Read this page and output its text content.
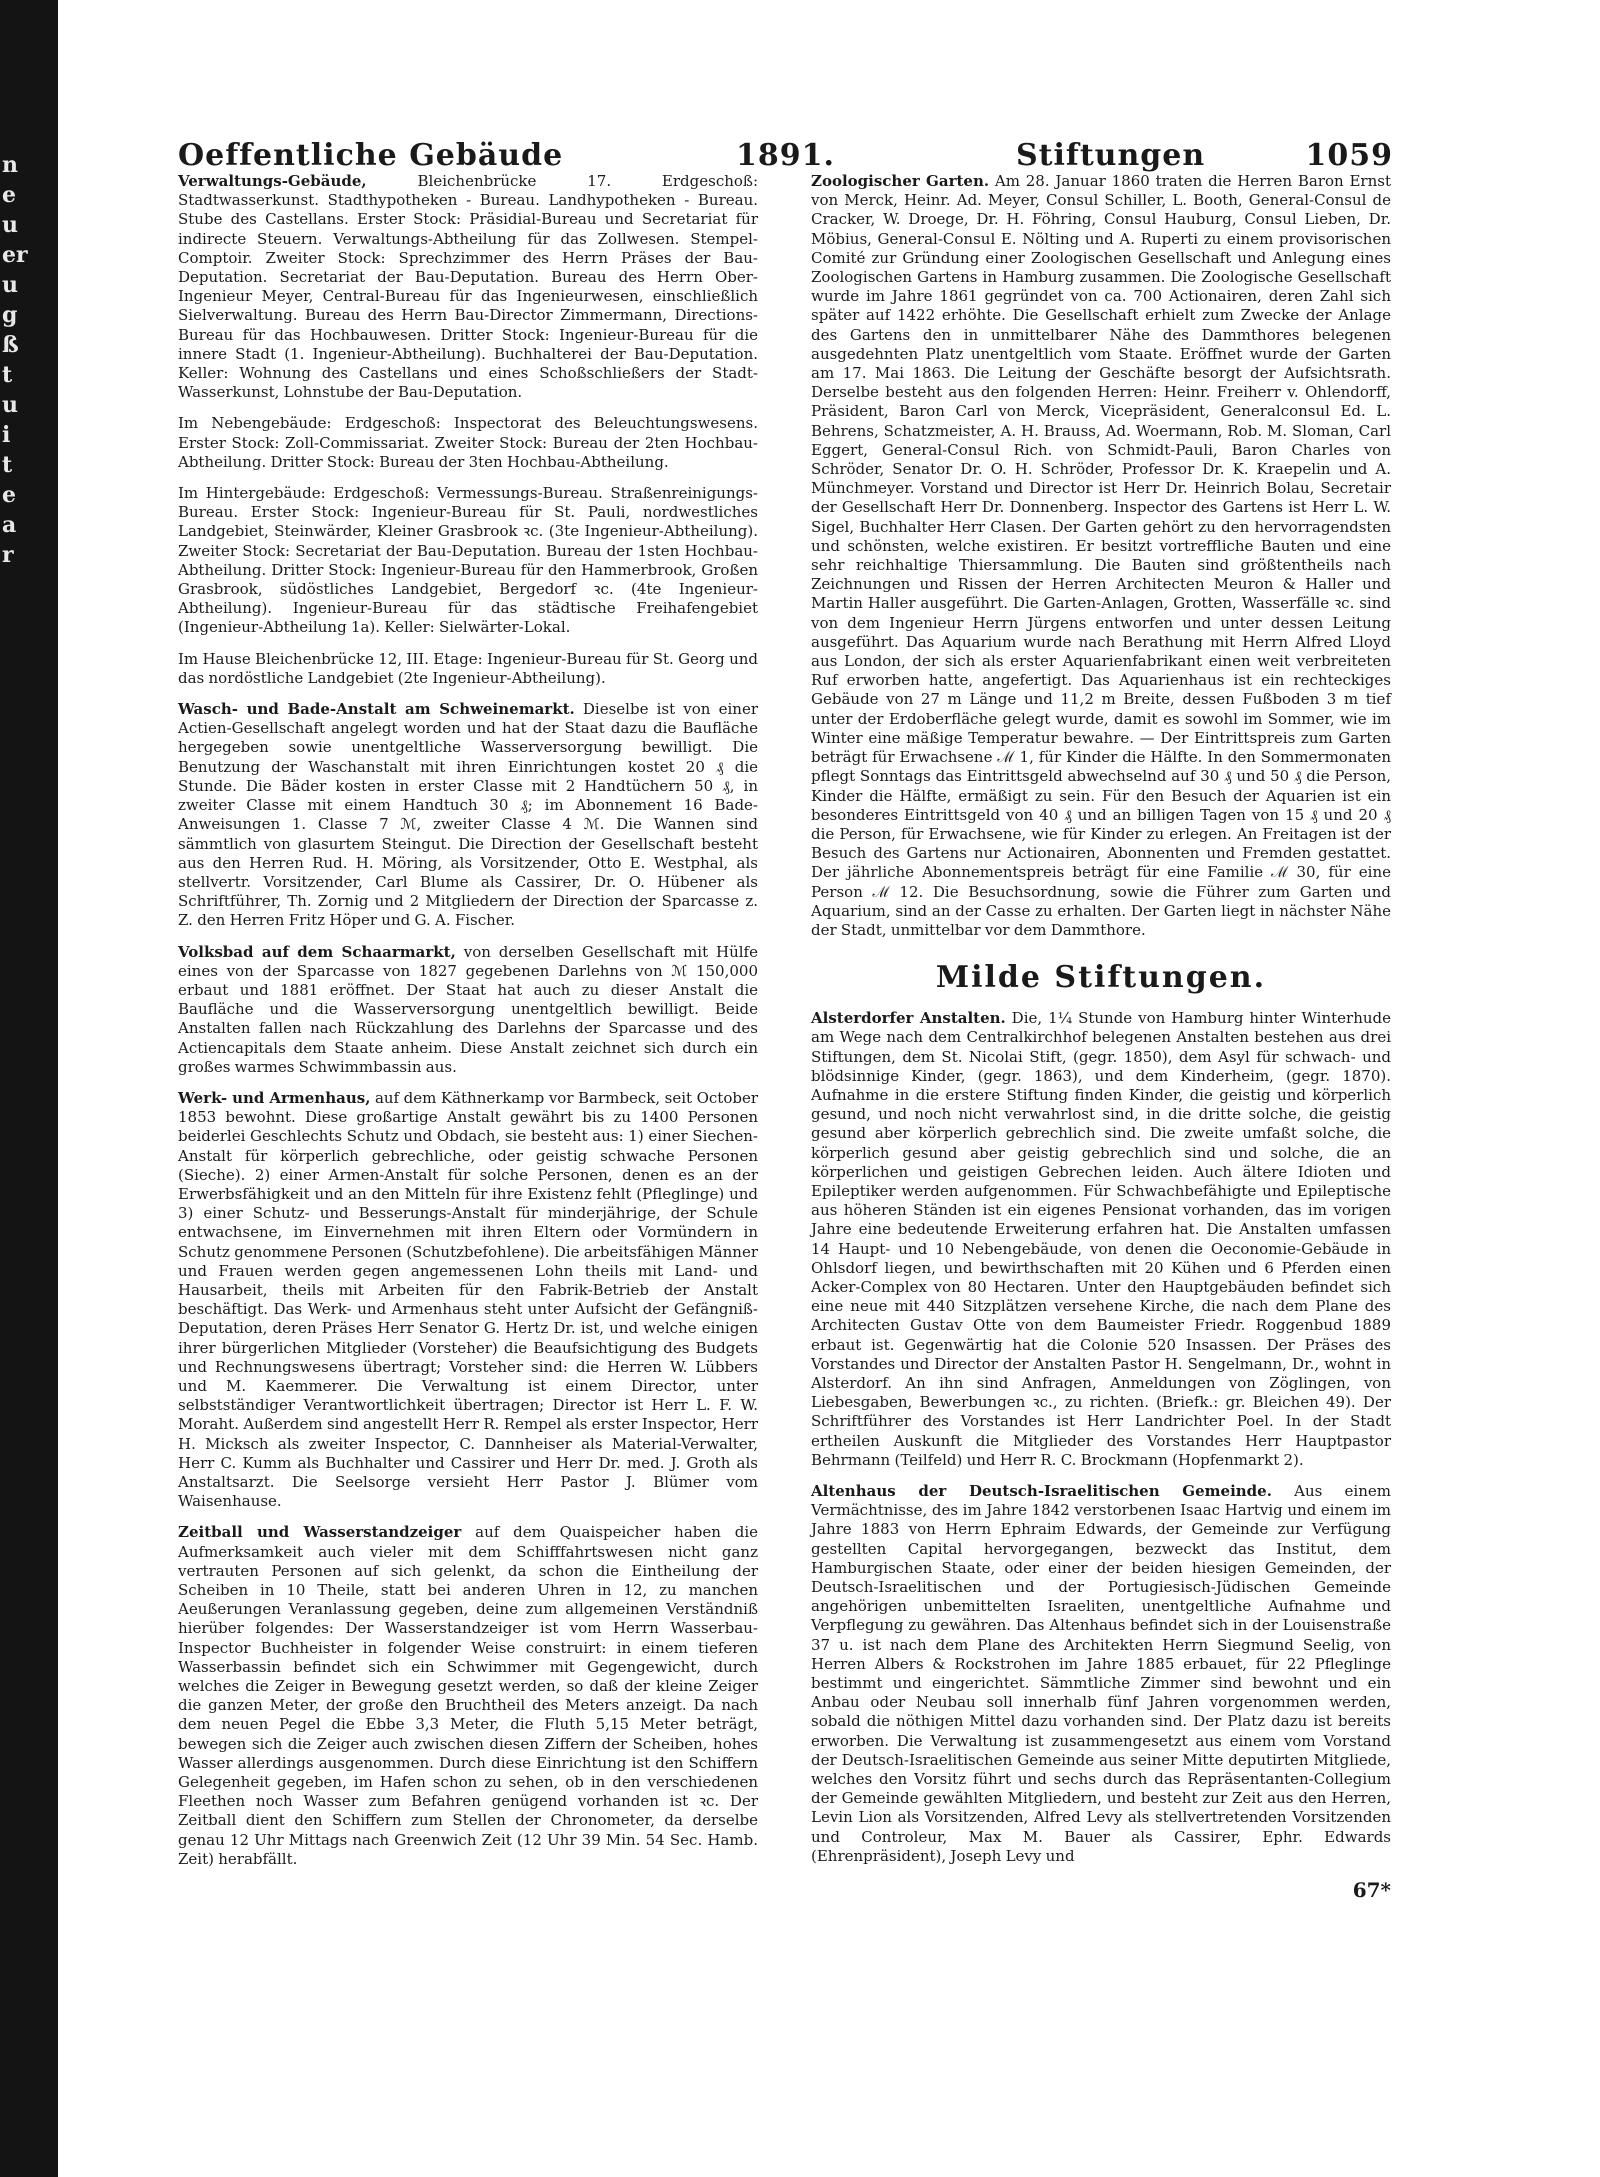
n
e
u
er
u
g
ß
t
u
i
t
e
a
r
Oeffentliche Gebäude	1891.	Stiftungen	1059

Verwaltungs-Gebäude, Bleichenbrücke 17. Erdgeschoß: Stadtwasserkunst. Stadthypotheken - Bureau. Landhypotheken - Bureau. Stube des Castellans. Erster Stock: Präsidial-Bureau und Secretariat für indirecte Steuern. Verwaltungs-Abtheilung für das Zollwesen. Stempel-Comptoir. Zweiter Stock: Sprechzimmer des Herrn Präses der Bau-Deputation. Secretariat der Bau-Deputation. Bureau des Herrn Ober-Ingenieur Meyer, Central-Bureau für das Ingenieurwesen, einschließlich Sielverwaltung. Bureau des Herrn Bau-Director Zimmermann, Directions-Bureau für das Hochbauwesen. Dritter Stock: Ingenieur-Bureau für die innere Stadt (1. Ingenieur-Abtheilung). Buchhalterei der Bau-Deputation. Keller: Wohnung des Castellans und eines Schoßschließers der Stadt-Wasserkunst, Lohnstube der Bau-Deputation.

Im Nebengebäude: Erdgeschoß: Inspectorat des Beleuchtungswesens. Erster Stock: Zoll-Commissariat. Zweiter Stock: Bureau der 2ten Hochbau-Abtheilung. Dritter Stock: Bureau der 3ten Hochbau-Abtheilung.

Im Hintergebäude: Erdgeschoß: Vermessungs-Bureau. Straßenreinigungs-Bureau. Erster Stock: Ingenieur-Bureau für St. Pauli, nordwestliches Landgebiet, Steinwärder, Kleiner Grasbrook ꝛc. (3te Ingenieur-Abtheilung). Zweiter Stock: Secretariat der Bau-Deputation. Bureau der 1sten Hochbau-Abtheilung. Dritter Stock: Ingenieur-Bureau für den Hammerbrook, Großen Grasbrook, südöstliches Landgebiet, Bergedorf ꝛc. (4te Ingenieur-Abtheilung). Ingenieur-Bureau für das städtische Freihafengebiet (Ingenieur-Abtheilung 1a). Keller: Sielwärter-Lokal.

Im Hause Bleichenbrücke 12, III. Etage: Ingenieur-Bureau für St. Georg und das nordöstliche Landgebiet (2te Ingenieur-Abtheilung).

Wasch- und Bade-Anstalt am Schweinemarkt. Dieselbe ist von einer Actien-Gesellschaft angelegt worden und hat der Staat dazu die Baufläche hergegeben sowie unentgeltliche Wasserversorgung bewilligt. Die Benutzung der Waschanstalt mit ihren Einrichtungen kostet 20 ₰ die Stunde. Die Bäder kosten in erster Classe mit 2 Handtüchern 50 ₰, in zweiter Classe mit einem Handtuch 30 ₰; im Abonnement 16 Bade-Anweisungen 1. Classe 7 ℳ, zweiter Classe 4 ℳ. Die Wannen sind sämmtlich von glasurtem Steingut. Die Direction der Gesellschaft besteht aus den Herren Rud. H. Möring, als Vorsitzender, Otto E. Westphal, als stellvertr. Vorsitzender, Carl Blume als Cassirer, Dr. O. Hübener als Schriftführer, Th. Zornig und 2 Mitgliedern der Direction der Sparcasse z. Z. den Herren Fritz Höper und G. A. Fischer.

Volksbad auf dem Schaarmarkt, von derselben Gesellschaft mit Hülfe eines von der Sparcasse von 1827 gegebenen Darlehns von ℳ 150,000 erbaut und 1881 eröffnet. Der Staat hat auch zu dieser Anstalt die Baufläche und die Wasserversorgung unentgeltlich bewilligt. Beide Anstalten fallen nach Rückzahlung des Darlehns der Sparcasse und des Actiencapitals dem Staate anheim. Diese Anstalt zeichnet sich durch ein großes warmes Schwimmbassin aus.

Werk- und Armenhaus, auf dem Käthnerkamp vor Barmbeck, seit October 1853 bewohnt. Diese großartige Anstalt gewährt bis zu 1400 Personen beiderlei Geschlechts Schutz und Obdach, sie besteht aus: 1) einer Siechen-Anstalt für körperlich gebrechliche, oder geistig schwache Personen (Sieche). 2) einer Armen-Anstalt für solche Personen, denen es an der Erwerbsfähigkeit und an den Mitteln für ihre Existenz fehlt (Pfleglinge) und 3) einer Schutz- und Besserungs-Anstalt für minderjährige, der Schule entwachsene, im Einvernehmen mit ihren Eltern oder Vormündern in Schutz genommene Personen (Schutzbefohlene). Die arbeitsfähigen Männer und Frauen werden gegen angemessenen Lohn theils mit Land- und Hausarbeit, theils mit Arbeiten für den Fabrik-Betrieb der Anstalt beschäftigt. Das Werk- und Armenhaus steht unter Aufsicht der Gefängniß-Deputation, deren Präses Herr Senator G. Hertz Dr. ist, und welche einigen ihrer bürgerlichen Mitglieder (Vorsteher) die Beaufsichtigung des Budgets und Rechnungswesens übertragt; Vorsteher sind: die Herren W. Lübbers und M. Kaemmerer. Die Verwaltung ist einem Director, unter selbstständiger Verantwortlichkeit übertragen; Director ist Herr L. F. W. Moraht. Außerdem sind angestellt Herr R. Rempel als erster Inspector, Herr H. Micksch als zweiter Inspector, C. Dannheiser als Material-Verwalter, Herr C. Kumm als Buchhalter und Cassirer und Herr Dr. med. J. Groth als Anstaltsarzt. Die Seelsorge versieht Herr Pastor J. Blümer vom Waisenhause.

Zeitball und Wasserstandzeiger auf dem Quaispeicher haben die Aufmerksamkeit auch vieler mit dem Schifffahrtswesen nicht ganz vertrauten Personen auf sich gelenkt, da schon die Eintheilung der Scheiben in 10 Theile, statt bei anderen Uhren in 12, zu manchen Aeußerungen Veranlassung gegeben, deine zum allgemeinen Verständniß hierüber folgendes: Der Wasserstandzeiger ist vom Herrn Wasserbau-Inspector Buchheister in folgender Weise construirt: in einem tieferen Wasserbassin befindet sich ein Schwimmer mit Gegengewicht, durch welches die Zeiger in Bewegung gesetzt werden, so daß der kleine Zeiger die ganzen Meter, der große den Bruchtheil des Meters anzeigt. Da nach dem neuen Pegel die Ebbe 3,3 Meter, die Fluth 5,15 Meter beträgt, bewegen sich die Zeiger auch zwischen diesen Ziffern der Scheiben, hohes Wasser allerdings ausgenommen. Durch diese Einrichtung ist den Schiffern Gelegenheit gegeben, im Hafen schon zu sehen, ob in den verschiedenen Fleethen noch Wasser zum Befahren genügend vorhanden ist ꝛc. Der Zeitball dient den Schiffern zum Stellen der Chronometer, da derselbe genau 12 Uhr Mittags nach Greenwich Zeit (12 Uhr 39 Min. 54 Sec. Hamb. Zeit) herabfällt.

Zoologischer Garten. Am 28. Januar 1860 traten die Herren Baron Ernst von Merck, Heinr. Ad. Meyer, Consul Schiller, L. Booth, General-Consul de Cracker, W. Droege, Dr. H. Föhring, Consul Hauburg, Consul Lieben, Dr. Möbius, General-Consul E. Nölting und A. Ruperti zu einem provisorischen Comité zur Gründung einer Zoologischen Gesellschaft und Anlegung eines Zoologischen Gartens in Hamburg zusammen. Die Zoologische Gesellschaft wurde im Jahre 1861 gegründet von ca. 700 Actionairen, deren Zahl sich später auf 1422 erhöhte. Die Gesellschaft erhielt zum Zwecke der Anlage des Gartens den in unmittelbarer Nähe des Dammthores belegenen ausgedehnten Platz unentgeltlich vom Staate. Eröffnet wurde der Garten am 17. Mai 1863. Die Leitung der Geschäfte besorgt der Aufsichtsrath. Derselbe besteht aus den folgenden Herren: Heinr. Freiherr v. Ohlendorff, Präsident, Baron Carl von Merck, Vicepräsident, Generalconsul Ed. L. Behrens, Schatzmeister, A. H. Brauss, Ad. Woermann, Rob. M. Sloman, Carl Eggert, General-Consul Rich. von Schmidt-Pauli, Baron Charles von Schröder, Senator Dr. O. H. Schröder, Professor Dr. K. Kraepelin und A. Münchmeyer. Vorstand und Director ist Herr Dr. Heinrich Bolau, Secretair der Gesellschaft Herr Dr. Donnenberg. Inspector des Gartens ist Herr L. W. Sigel, Buchhalter Herr Clasen. Der Garten gehört zu den hervorragendsten und schönsten, welche existiren. Er besitzt vortreffliche Bauten und eine sehr reichhaltige Thiersammlung. Die Bauten sind größtentheils nach Zeichnungen und Rissen der Herren Architecten Meuron & Haller und Martin Haller ausgeführt. Die Garten-Anlagen, Grotten, Wasserfälle ꝛc. sind von dem Ingenieur Herrn Jürgens entworfen und unter dessen Leitung ausgeführt. Das Aquarium wurde nach Berathung mit Herrn Alfred Lloyd aus London, der sich als erster Aquarienfabrikant einen weit verbreiteten Ruf erworben hatte, angefertigt. Das Aquarienhaus ist ein rechteckiges Gebäude von 27 m Länge und 11,2 m Breite, dessen Fußboden 3 m tief unter der Erdoberfläche gelegt wurde, damit es sowohl im Sommer, wie im Winter eine mäßige Temperatur bewahre. — Der Eintrittspreis zum Garten beträgt für Erwachsene ℳ 1, für Kinder die Hälfte. In den Sommermonaten pflegt Sonntags das Eintrittsgeld abwechselnd auf 30 ₰ und 50 ₰ die Person, Kinder die Hälfte, ermäßigt zu sein. Für den Besuch der Aquarien ist ein besonderes Eintrittsgeld von 40 ₰ und an billigen Tagen von 15 ₰ und 20 ₰ die Person, für Erwachsene, wie für Kinder zu erlegen. An Freitagen ist der Besuch des Gartens nur Actionairen, Abonnenten und Fremden gestattet. Der jährliche Abonnementspreis beträgt für eine Familie ℳ 30, für eine Person ℳ 12. Die Besuchsordnung, sowie die Führer zum Garten und Aquarium, sind an der Casse zu erhalten. Der Garten liegt in nächster Nähe der Stadt, unmittelbar vor dem Dammthore.

Milde Stiftungen.

Alsterdorfer Anstalten. Die, 1¼ Stunde von Hamburg hinter Winterhude am Wege nach dem Centralkirchhof belegenen Anstalten bestehen aus drei Stiftungen, dem St. Nicolai Stift, (gegr. 1850), dem Asyl für schwach- und blödsinnige Kinder, (gegr. 1863), und dem Kinderheim, (gegr. 1870). Aufnahme in die erstere Stiftung finden Kinder, die geistig und körperlich gesund, und noch nicht verwahrlost sind, in die dritte solche, die geistig gesund aber körperlich gebrechlich sind. Die zweite umfaßt solche, die körperlich gesund aber geistig gebrechlich sind und solche, die an körperlichen und geistigen Gebrechen leiden. Auch ältere Idioten und Epileptiker werden aufgenommen. Für Schwachbefähigte und Epileptische aus höheren Ständen ist ein eigenes Pensionat vorhanden, das im vorigen Jahre eine bedeutende Erweiterung erfahren hat. Die Anstalten umfassen 14 Haupt- und 10 Nebengebäude, von denen die Oeconomie-Gebäude in Ohlsdorf liegen, und bewirthschaften mit 20 Kühen und 6 Pferden einen Acker-Complex von 80 Hectaren. Unter den Hauptgebäuden befindet sich eine neue mit 440 Sitzplätzen versehene Kirche, die nach dem Plane des Architecten Gustav Otte von dem Baumeister Friedr. Roggenbud 1889 erbaut ist. Gegenwärtig hat die Colonie 520 Insassen. Der Präses des Vorstandes und Director der Anstalten Pastor H. Sengelmann, Dr., wohnt in Alsterdorf. An ihn sind Anfragen, Anmeldungen von Zöglingen, von Liebesgaben, Bewerbungen ꝛc., zu richten. (Briefk.: gr. Bleichen 49). Der Schriftführer des Vorstandes ist Herr Landrichter Poel. In der Stadt ertheilen Auskunft die Mitglieder des Vorstandes Herr Hauptpastor Behrmann (Teilfeld) und Herr R. C. Brockmann (Hopfenmarkt 2).

Altenhaus der Deutsch-Israelitischen Gemeinde. Aus einem Vermächtnisse, des im Jahre 1842 verstorbenen Isaac Hartvig und einem im Jahre 1883 von Herrn Ephraim Edwards, der Gemeinde zur Verfügung gestellten Capital hervorgegangen, bezweckt das Institut, dem Hamburgischen Staate, oder einer der beiden hiesigen Gemeinden, der Deutsch-Israelitischen und der Portugiesisch-Jüdischen Gemeinde angehörigen unbemittelten Israeliten, unentgeltliche Aufnahme und Verpflegung zu gewähren. Das Altenhaus befindet sich in der Louisenstraße 37 u. ist nach dem Plane des Architekten Herrn Siegmund Seelig, von Herren Albers & Rockstrohen im Jahre 1885 erbauet, für 22 Pfleglinge bestimmt und eingerichtet. Sämmtliche Zimmer sind bewohnt und ein Anbau oder Neubau soll innerhalb fünf Jahren vorgenommen werden, sobald die nöthigen Mittel dazu vorhanden sind. Der Platz dazu ist bereits erworben. Die Verwaltung ist zusammengesetzt aus einem vom Vorstand der Deutsch-Israelitischen Gemeinde aus seiner Mitte deputirten Mitgliede, welches den Vorsitz führt und sechs durch das Repräsentanten-Collegium der Gemeinde gewählten Mitgliedern, und besteht zur Zeit aus den Herren, Levin Lion als Vorsitzenden, Alfred Levy als stellvertretenden Vorsitzenden und Controleur, Max M. Bauer als Cassirer, Ephr. Edwards (Ehrenpräsident), Joseph Levy und

67*
